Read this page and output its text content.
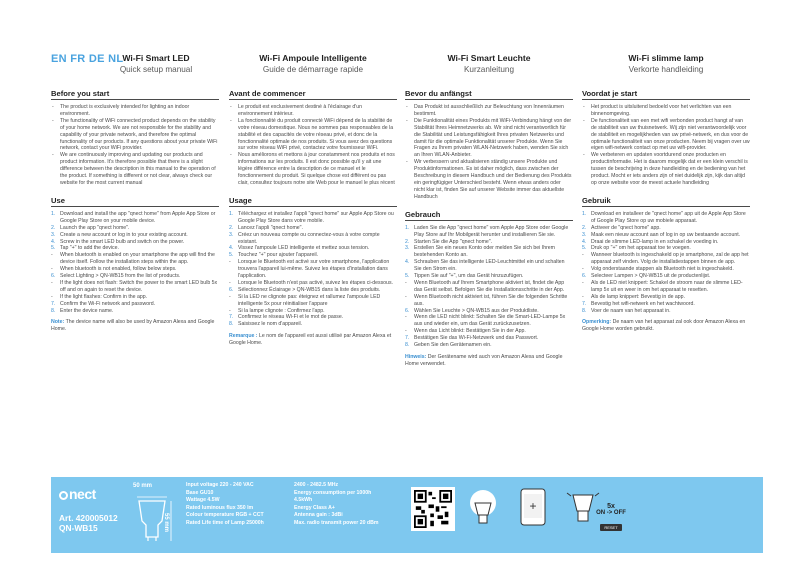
EN FR DE NL Wi-Fi Smart LED
Quick setup manual
Before you start
- The product is exclusively intended for lighting an indoor environment.
- The functionality of WiFi connected product depends on the stability of your home network. We are not responsible for the stability and capability of your private network, and therefore the optimal functionality of our products. If any questions about your private WiFi network, contact your WiFi provider.
- We are continuously improving and updating our products and product information. It's therefore possible that there is a slight difference between the description in this manual to the operation of the product. If something is different or not clear, always check our website for the most current manual
Use
1. Download and install the app "qnect home" from Apple App Store or Google Play Store on your mobile device.
2. Launch the app "qnect home".
3. Create a new account or log in to your existing account.
4. Screw in the smart LED bulb and switch on the power.
5. Tap "+" to add the device.
- When bluetooth is enabled on your smartphone the app will find the device itself. Follow the installation steps within the app.
- When bluetooth is not enabled, follow below steps.
6. Select Lighting > QN-WB15 from the list of products.
- If the light does not flash: Switch the power to the smart LED bulb 5x off and on again to reset the device.
- If the light flashes: Confirm in the app.
7. Confirm the Wi-Fi network and password.
8. Enter the device name.
Note: The device name will also be used by Amazon Alexa and Google Home.
Wi-Fi Ampoule Intelligente
Guide de démarrage rapide
Avant de commencer
- Le produit est exclusivement destiné à l'éclairage d'un environnement intérieur.
- La fonctionnalité du produit connecté WiFi dépend de la stabilité de votre réseau domestique. Nous ne sommes pas responsables de la stabilité et des capacités de votre réseau privé, et donc de la fonctionnalité optimale de nos produits. Si vous avez des questions sur votre réseau WiFi privé, contactez votre fournisseur WiFi.
- Nous améliorons et mettons à jour constamment nos produits et nos informations sur les produits. Il est donc possible qu'il y ait une légère différence entre la description de ce manuel et le fonctionnement du produit. Si quelque chose est différent ou pas clair, consultez toujours notre site Web pour le manuel le plus récent
Usage
1. Téléchargez et installez l'appli "qnect home" sur Apple App Store ou Google Play Store dans votre mobile.
2. Lancez l'appli "qnect home".
3. Créez un nouveau compte ou connectez-vous à votre compte existant.
4. Vissez l'ampoule LED intelligente et mettez sous tension.
5. Touchez "+" pour ajouter l'appareil.
- Lorsque le Bluetooth est activé sur votre smartphone, l'application trouvera l'appareil lui-même. Suivez les étapes d'installation dans l'application.
- Lorsque le Bluetooth n'est pas activé, suivez les étapes ci-dessous.
6. Sélectionnez Éclairage > QN-WB15 dans la liste des produits.
- Si la LED ne clignote pas: éteignez et rallumez l'ampoule LED intelligente 5x pour réinitialiser l'appare
- Si la lampe clignote : Confirmez l'app.
7. Confirmez le réseau Wi-Fi et le mot de passe.
8. Saisissez le nom d'appareil.
Remarque : Le nom de l'appareil est aussi utilisé par Amazon Alexa et Google Home.
Wi-Fi Smart Leuchte
Kurzanleitung
Bevor du anfängst
- Das Produkt ist ausschließlich zur Beleuchtung von Innenräumen bestimmt.
- Die Funktionalität eines Produkts mit WiFi-Verbindung hängt von der Stabilität Ihres Heimnetzwerks ab. Wir sind nicht verantwortlich für die Stabilität und Leistungsfähigkeit Ihres privaten Netzwerks und damit für die optimale Funktionalität unserer Produkte. Wenn Sie Fragen zu Ihrem privaten WLAN-Netzwerk haben, wenden Sie sich an Ihren WLAN-Anbieter.
- Wir verbessern und aktualisieren ständig unsere Produkte und Produktinformationen. Es ist daher möglich, dass zwischen der Beschreibung in diesem Handbuch und der Bedienung des Produkts ein geringfügiger Unterschied besteht. Wenn etwas anders oder nicht klar ist, finden Sie auf unserer Website immer das aktuellste Handbuch
Gebrauch
1. Laden Sie die App "qnect home" vom Apple App Store oder Google Play Store auf Ihr Mobilgerät herunter und installieren Sie sie.
2. Starten Sie die App "qnect home".
3. Erstellen Sie ein neues Konto oder melden Sie sich bei Ihrem bestehenden Konto an.
4. Schrauben Sie das intelligente LED-Leuchtmittel ein und schalten Sie den Strom ein.
5. Tippen Sie auf "+", um das Gerät hinzuzufügen.
- Wenn Bluetooth auf Ihrem Smartphone aktiviert ist, findet die App das Gerät selbst. Befolgen Sie die Installationsschritte in der App.
- Wenn Bluetooth nicht aktiviert ist, führen Sie die folgenden Schritte aus.
6. Wählen Sie Leuchte > QN-WB15 aus der Produktliste.
- Wenn die LED nicht blinkt: Schalten Sie die Smart-LED-Lampe 5x aus und wieder ein, um das Gerät zurückzusetzen.
- Wenn das Licht blinkt: Bestätigen Sie in der App.
7. Bestätigen Sie das Wi-Fi-Netzwerk und das Passwort.
8. Geben Sie den Gerätenamen ein.
Hinweis: Der Gerätename wird auch von Amazon Alexa und Google Home verwendet.
Wi-Fi slimme lamp
Verkorte handleiding
Voordat je start
- Het product is uitsluitend bedoeld voor het verlichten van een binnenomgeving.
- De functionaliteit van een met wifi verbonden product hangt af van de stabiliteit van uw thuisnetwerk. Wij zijn niet verantwoordelijk voor de stabiliteit en mogelijkheden van uw privé-netwerk, en dus voor de optimale functionaliteit van onze producten. Neem bij vragen over uw eigen wifi-netwerk contact op met uw wifi-provider.
- We verbeteren en updaten voortdurend onze producten en productinformatie. Het is daarom mogelijk dat er een klein verschil is tussen de beschrijving in deze handleiding en de bediening van het product. Mocht er iets anders zijn of niet duidelijk zijn, kijk dan altijd op onze website voor de meest actuele handleiding
Gebruik
1. Download en installeer de "qnect home" app uit de Apple App Store of Google Play Store op uw mobiele apparaat.
2. Activeer de "qnect home" app.
3. Maak een nieuw account aan of log in op uw bestaande account.
4. Draai de slimme LED-lamp in en schakel de voeding in.
5. Druk op "+" om het apparaat toe te voegen.
- Wanneer bluetooth is ingeschakeld op je smartphone, zal de app het apparaat zelf vinden. Volg de installatiestappen binnen de app.
- Volg onderstaande stappen als Bluetooth niet is ingeschakeld.
6. Selecteer Lampen > QN-WB15 uit de productenlijst.
- Als de LED niet knippert: Schakel de stroom naar de slimme LED-lamp 5x uit en weer in om het apparaat te resetten.
- Als de lamp knippert: Bevestig in de app.
7. Bevestig het wifi-netwerk en het wachtwoord.
8. Voer de naam van het apparaat in.
Opmerking: De naam van het apparaat zal ook door Amazon Alexa en Google Home worden gebruikt.
nect
Art. 420005012
QN-WB15
50 mm
55 mm
Input voltage 220 - 240 VAC
Base GU10
Wattage 4.5W
Rated luminous flux 350 lm
Colour temperature RGB + CCT
Rated Life time of Lamp 25000h
2400 - 2482.5 MHz
Energy consumption per 1000h
4.5kWh
Energy Class A+
Antenna gain : 3dBi
Max. radio transmit power 20 dBm
+	5x
ON -> OFF
RESET
